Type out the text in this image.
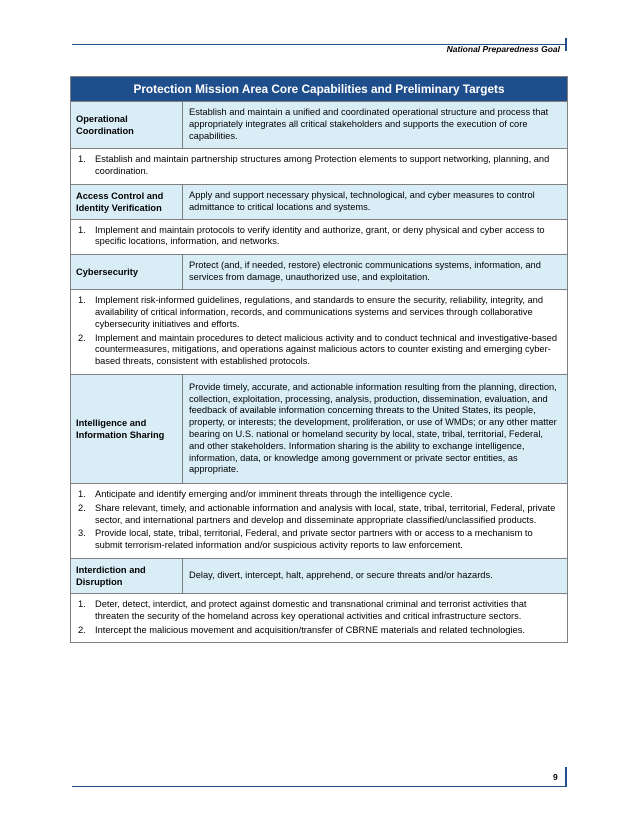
National Preparedness Goal
Protection Mission Area Core Capabilities and Preliminary Targets
Operational Coordination
Establish and maintain a unified and coordinated operational structure and process that appropriately integrates all critical stakeholders and supports the execution of core capabilities.
1. Establish and maintain partnership structures among Protection elements to support networking, planning, and coordination.
Access Control and Identity Verification
Apply and support necessary physical, technological, and cyber measures to control admittance to critical locations and systems.
1. Implement and maintain protocols to verify identity and authorize, grant, or deny physical and cyber access to specific locations, information, and networks.
Cybersecurity
Protect (and, if needed, restore) electronic communications systems, information, and services from damage, unauthorized use, and exploitation.
1. Implement risk-informed guidelines, regulations, and standards to ensure the security, reliability, integrity, and availability of critical information, records, and communications systems and services through collaborative cybersecurity initiatives and efforts.
2. Implement and maintain procedures to detect malicious activity and to conduct technical and investigative-based countermeasures, mitigations, and operations against malicious actors to counter existing and emerging cyber-based threats, consistent with established protocols.
Intelligence and Information Sharing
Provide timely, accurate, and actionable information resulting from the planning, direction, collection, exploitation, processing, analysis, production, dissemination, evaluation, and feedback of available information concerning threats to the United States, its people, property, or interests; the development, proliferation, or use of WMDs; or any other matter bearing on U.S. national or homeland security by local, state, tribal, territorial, Federal, and other stakeholders. Information sharing is the ability to exchange intelligence, information, data, or knowledge among government or private sector entities, as appropriate.
1. Anticipate and identify emerging and/or imminent threats through the intelligence cycle.
2. Share relevant, timely, and actionable information and analysis with local, state, tribal, territorial, Federal, private sector, and international partners and develop and disseminate appropriate classified/unclassified products.
3. Provide local, state, tribal, territorial, Federal, and private sector partners with or access to a mechanism to submit terrorism-related information and/or suspicious activity reports to law enforcement.
Interdiction and Disruption
Delay, divert, intercept, halt, apprehend, or secure threats and/or hazards.
1. Deter, detect, interdict, and protect against domestic and transnational criminal and terrorist activities that threaten the security of the homeland across key operational activities and critical infrastructure sectors.
2. Intercept the malicious movement and acquisition/transfer of CBRNE materials and related technologies.
9
